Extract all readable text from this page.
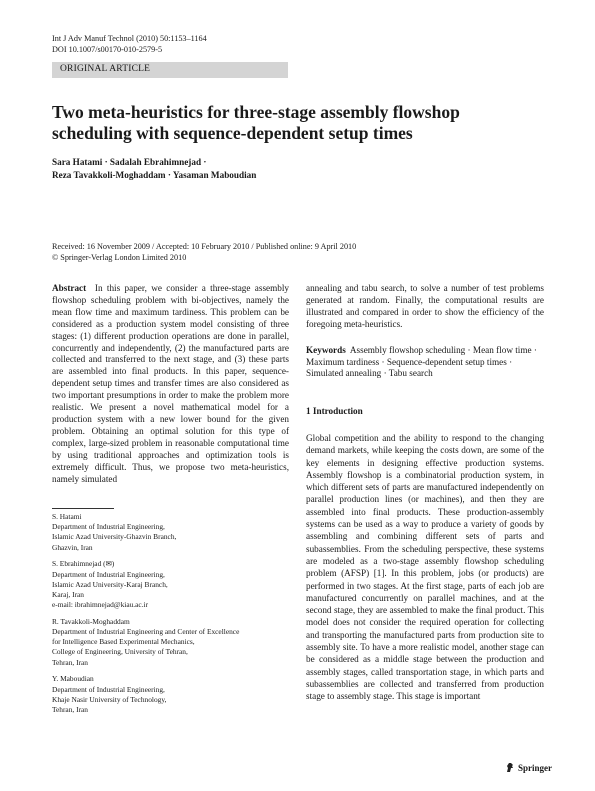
Int J Adv Manuf Technol (2010) 50:1153–1164
DOI 10.1007/s00170-010-2579-5
ORIGINAL ARTICLE
Two meta-heuristics for three-stage assembly flowshop scheduling with sequence-dependent setup times
Sara Hatami · Sadalah Ebrahimnejad ·
Reza Tavakkoli-Moghaddam · Yasaman Maboudian
Received: 16 November 2009 / Accepted: 10 February 2010 / Published online: 9 April 2010
© Springer-Verlag London Limited 2010

Abstract In this paper, we consider a three-stage assembly flowshop scheduling problem with bi-objectives, namely the mean flow time and maximum tardiness. This problem can be considered as a production system model consisting of three stages: (1) different production operations are done in parallel, concurrently and independently, (2) the manufactured parts are collected and transferred to the next stage, and (3) these parts are assembled into final products. In this paper, sequence-dependent setup times and transfer times are also considered as two important presumptions in order to make the problem more realistic. We present a novel mathematical model for a production system with a new lower bound for the given problem. Obtaining an optimal solution for this type of complex, large-sized problem in reasonable computational time by using traditional approaches and optimization tools is extremely difficult. Thus, we propose two meta-heuristics, namely simulated

S. Hatami
Department of Industrial Engineering,
Islamic Azad University-Ghazvin Branch,
Ghazvin, Iran
S. Ebrahimnejad (✉)
Department of Industrial Engineering,
Islamic Azad University-Karaj Branch,
Karaj, Iran
e-mail: ibrahimnejad@kiau.ac.ir
R. Tavakkoli-Moghaddam
Department of Industrial Engineering and Center of Excellence
for Intelligence Based Experimental Mechanics,
College of Engineering, University of Tehran,
Tehran, Iran
Y. Maboudian
Department of Industrial Engineering,
Khaje Nasir University of Technology,
Tehran, Iran

annealing and tabu search, to solve a number of test problems generated at random. Finally, the computational results are illustrated and compared in order to show the efficiency of the foregoing meta-heuristics.

Keywords Assembly flowshop scheduling · Mean flow time · Maximum tardiness · Sequence-dependent setup times · Simulated annealing · Tabu search

1 Introduction

Global competition and the ability to respond to the changing demand markets, while keeping the costs down, are some of the key elements in designing effective production systems. Assembly flowshop is a combinatorial production system, in which different sets of parts are manufactured independently on parallel production lines (or machines), and then they are assembled into final products. These production-assembly systems can be used as a way to produce a variety of goods by assembling and combining different sets of parts and subassemblies. From the scheduling perspective, these systems are modeled as a two-stage assembly flowshop scheduling problem (AFSP) [1]. In this problem, jobs (or products) are performed in two stages. At the first stage, parts of each job are manufactured concurrently on parallel machines, and at the second stage, they are assembled to make the final product. This model does not consider the required operation for collecting and transporting the manufactured parts from production site to assembly site. To have a more realistic model, another stage can be considered as a middle stage between the production and assembly stages, called transportation stage, in which parts and subassemblies are collected and transferred from production stage to assembly stage. This stage is important

Springer
